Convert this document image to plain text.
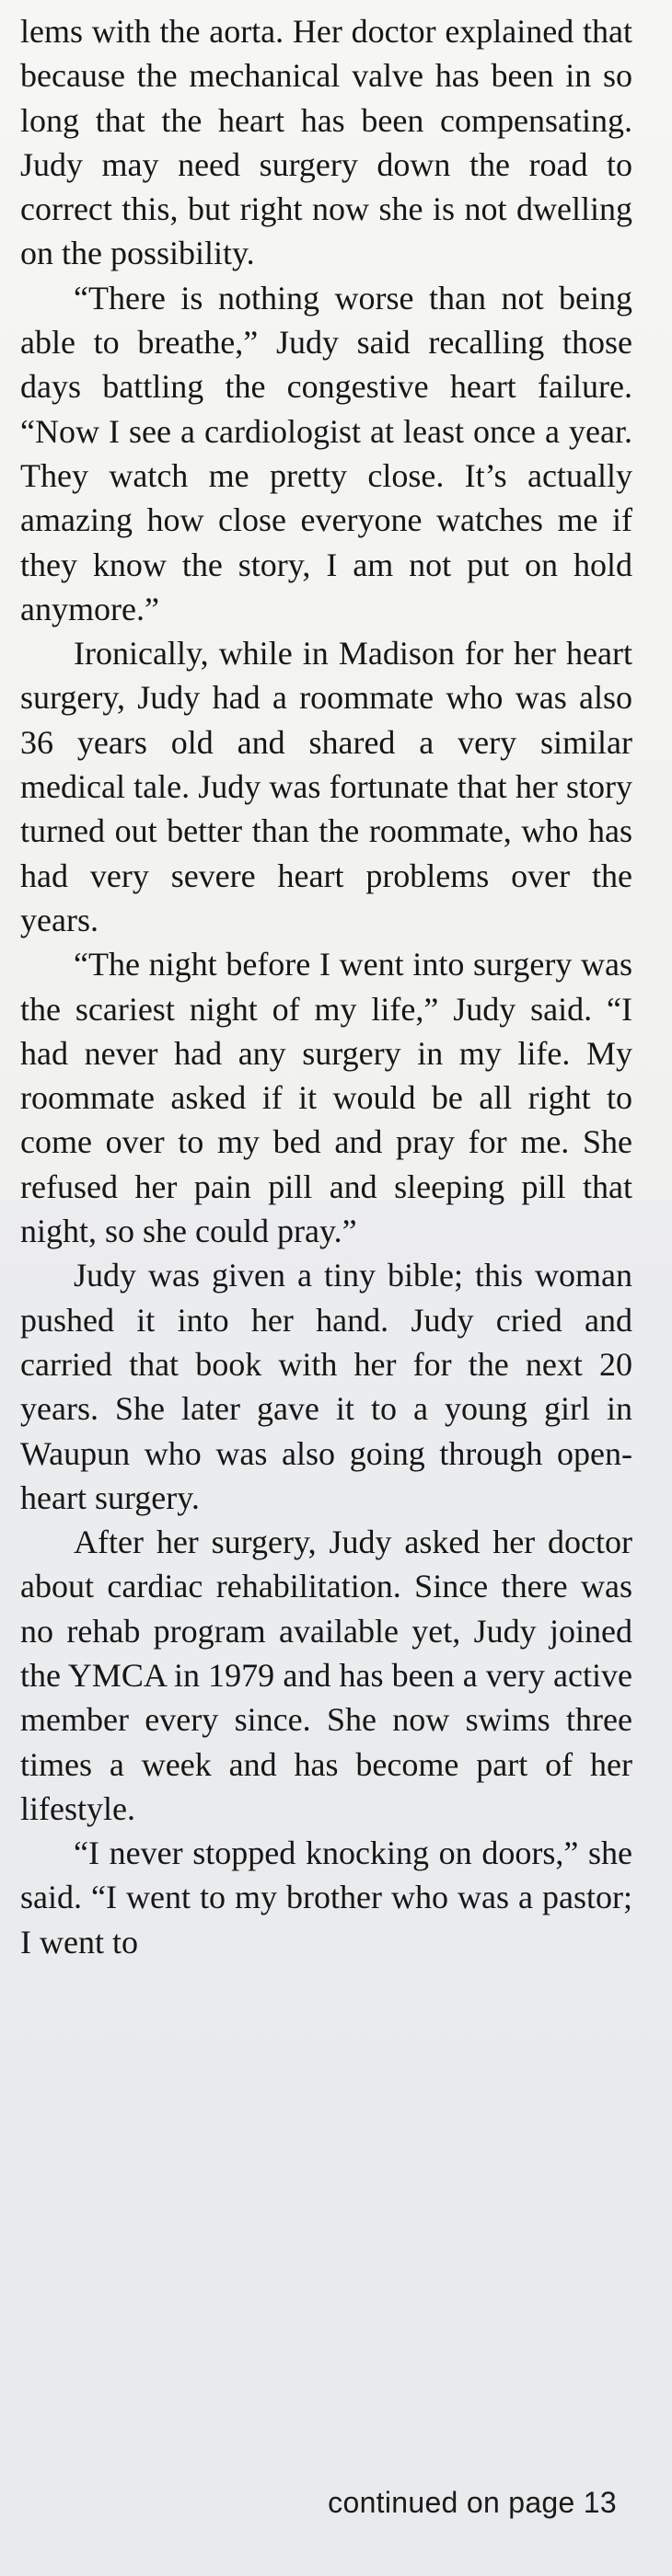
lems with the aorta. Her doctor explained that because the mechanical valve has been in so long that the heart has been compensating. Judy may need surgery down the road to correct this, but right now she is not dwelling on the possibility.

“There is nothing worse than not being able to breathe,” Judy said recalling those days battling the congestive heart failure. “Now I see a cardiologist at least once a year. They watch me pretty close. It’s actually amazing how close everyone watches me if they know the story, I am not put on hold anymore.”

Ironically, while in Madison for her heart surgery, Judy had a roommate who was also 36 years old and shared a very similar medical tale. Judy was fortunate that her story turned out better than the roommate, who has had very severe heart problems over the years.

“The night before I went into surgery was the scariest night of my life,” Judy said. “I had never had any surgery in my life. My roommate asked if it would be all right to come over to my bed and pray for me. She refused her pain pill and sleeping pill that night, so she could pray.”

Judy was given a tiny bible; this woman pushed it into her hand. Judy cried and carried that book with her for the next 20 years. She later gave it to a young girl in Waupun who was also going through open-heart surgery.

After her surgery, Judy asked her doctor about cardiac rehabilitation. Since there was no rehab program available yet, Judy joined the YMCA in 1979 and has been a very active member every since. She now swims three times a week and has become part of her lifestyle.

“I never stopped knocking on doors,” she said. “I went to my brother who was a pastor; I went to

continued on page 13
